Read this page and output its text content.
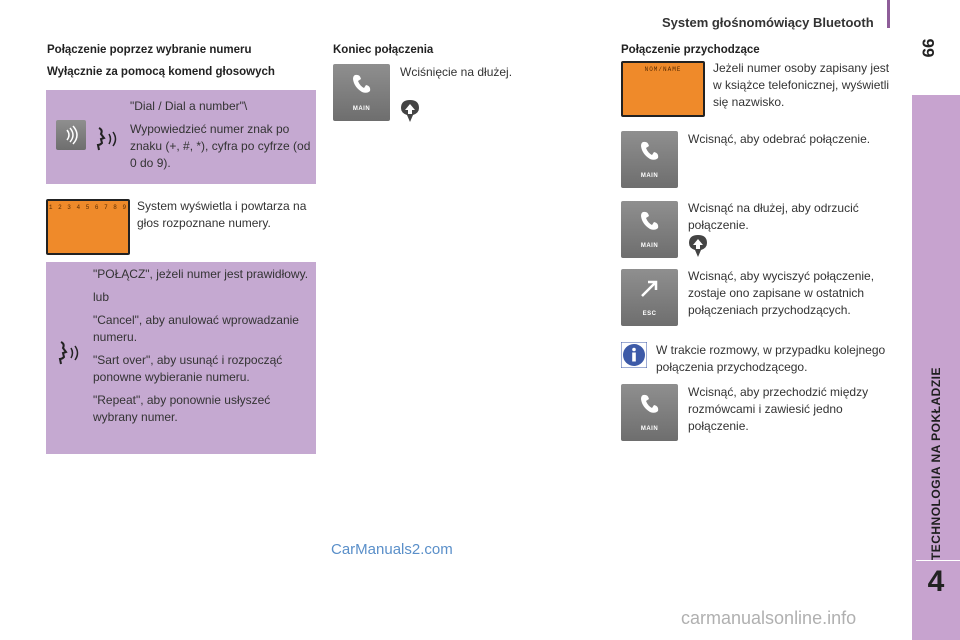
System głośnomówiący Bluetooth
99
TECHNOLOGIA NA POKŁADZIE
4
Połączenie poprzez wybranie numeru
Wyłącznie za pomocą komend głosowych

"Dial / Dial a number"\

Wypowiedzieć numer znak po znaku (+, #, *), cyfra po cyfrze (od 0 do 9).

1 2 3 4 5 6 7 8 9 System wyświetla i powtarza na głos rozpoznane numery.

"POŁĄCZ", jeżeli numer jest prawidłowy.

lub

"Cancel", aby anulować wprowadzanie numeru.

"Sart over", aby usunąć i rozpocząć ponowne wybieranie numeru.

"Repeat", aby ponownie usłyszeć wybrany numer.

Koniec połączenia
MAIN
Wciśnięcie na dłużej.
Połączenie przychodzące
NOM/NAME	Jeżeli numer osoby zapisany jest w książce telefonicznej, wyświetli się nazwisko.
MAIN
Wcisnąć, aby odebrać połączenie.
MAIN
Wcisnąć na dłużej, aby odrzucić połączenie.
ESC
Wcisnąć, aby wyciszyć połączenie, zostaje ono zapisane w ostatnich połączeniach przychodzących.
W trakcie rozmowy, w przypadku kolejnego połączenia przychodzącego.
MAIN
Wcisnąć, aby przechodzić między rozmówcami i zawiesić jedno połączenie.
CarManuals2.com
carmanualsonline.info
